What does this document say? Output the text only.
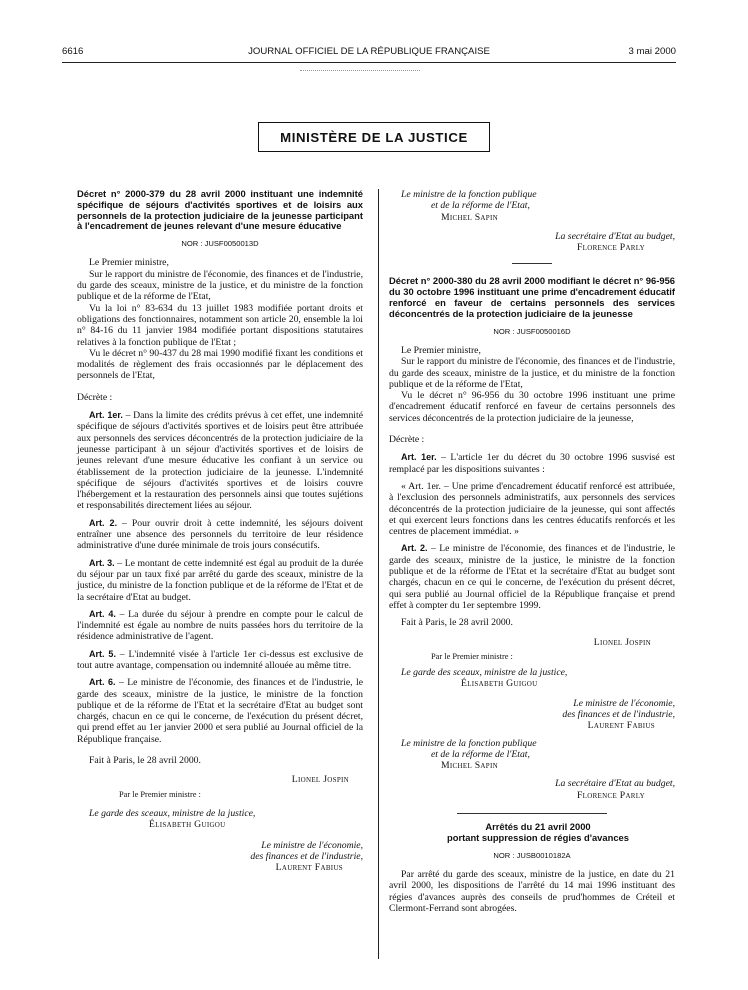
6616	JOURNAL OFFICIEL DE LA RÉPUBLIQUE FRANÇAISE	3 mai 2000
MINISTÈRE DE LA JUSTICE

Décret n° 2000-379 du 28 avril 2000 instituant une indemnité spécifique de séjours d'activités sportives et de loisirs aux personnels de la protection judiciaire de la jeunesse participant à l'encadrement de jeunes relevant d'une mesure éducative

NOR : JUSF0050013D

Le Premier ministre,

Sur le rapport du ministre de l'économie, des finances et de l'industrie, du garde des sceaux, ministre de la justice, et du ministre de la fonction publique et de la réforme de l'Etat,

Vu la loi n° 83-634 du 13 juillet 1983 modifiée portant droits et obligations des fonctionnaires, notamment son article 20, ensemble la loi n° 84-16 du 11 janvier 1984 modifiée portant dispositions statutaires relatives à la fonction publique de l'Etat ;

Vu le décret n° 90-437 du 28 mai 1990 modifié fixant les conditions et modalités de règlement des frais occasionnés par le déplacement des personnels de l'Etat,

Décrète :

Art. 1er. – Dans la limite des crédits prévus à cet effet, une indemnité spécifique de séjours d'activités sportives et de loisirs peut être attribuée aux personnels des services déconcentrés de la protection judiciaire de la jeunesse participant à un séjour d'activités sportives et de loisirs de jeunes relevant d'une mesure éducative les confiant à un service ou établissement de la protection judiciaire de la jeunesse. L'indemnité spécifique de séjours d'activités sportives et de loisirs couvre l'hébergement et la restauration des personnels ainsi que toutes sujétions et responsabilités directement liées au séjour.

Art. 2. – Pour ouvrir droit à cette indemnité, les séjours doivent entraîner une absence des personnels du territoire de leur résidence administrative d'une durée minimale de trois jours consécutifs.

Art. 3. – Le montant de cette indemnité est égal au produit de la durée du séjour par un taux fixé par arrêté du garde des sceaux, ministre de la justice, du ministre de la fonction publique et de la réforme de l'Etat et de la secrétaire d'Etat au budget.

Art. 4. – La durée du séjour à prendre en compte pour le calcul de l'indemnité est égale au nombre de nuits passées hors du territoire de la résidence administrative de l'agent.

Art. 5. – L'indemnité visée à l'article 1er ci-dessus est exclusive de tout autre avantage, compensation ou indemnité allouée au même titre.

Art. 6. – Le ministre de l'économie, des finances et de l'industrie, le garde des sceaux, ministre de la justice, le ministre de la fonction publique et de la réforme de l'Etat et la secrétaire d'Etat au budget sont chargés, chacun en ce qui le concerne, de l'exécution du présent décret, qui prend effet au 1er janvier 2000 et sera publié au Journal officiel de la République française.

Fait à Paris, le 28 avril 2000.

Lionel Jospin

Par le Premier ministre :

Le garde des sceaux, ministre de la justice,

Élisabeth Guigou

Le ministre de l'économie,

des finances et de l'industrie,

Laurent Fabius

Le ministre de la fonction publique

et de la réforme de l'Etat,

Michel Sapin

La secrétaire d'Etat au budget,

Florence Parly

Décret n° 2000-380 du 28 avril 2000 modifiant le décret n° 96-956 du 30 octobre 1996 instituant une prime d'encadrement éducatif renforcé en faveur de certains personnels des services déconcentrés de la protection judiciaire de la jeunesse

NOR : JUSF0050016D

Le Premier ministre,

Sur le rapport du ministre de l'économie, des finances et de l'industrie, du garde des sceaux, ministre de la justice, et du ministre de la fonction publique et de la réforme de l'Etat,

Vu le décret n° 96-956 du 30 octobre 1996 instituant une prime d'encadrement éducatif renforcé en faveur de certains personnels des services déconcentrés de la protection judiciaire de la jeunesse,

Décrète :

Art. 1er. – L'article 1er du décret du 30 octobre 1996 susvisé est remplacé par les dispositions suivantes :

« Art. 1er. – Une prime d'encadrement éducatif renforcé est attribuée, à l'exclusion des personnels administratifs, aux personnels des services déconcentrés de la protection judiciaire de la jeunesse, qui sont affectés et qui exercent leurs fonctions dans les centres éducatifs renforcés et les centres de placement immédiat. »

Art. 2. – Le ministre de l'économie, des finances et de l'industrie, le garde des sceaux, ministre de la justice, le ministre de la fonction publique et de la réforme de l'Etat et la secrétaire d'Etat au budget sont chargés, chacun en ce qui le concerne, de l'exécution du présent décret, qui sera publié au Journal officiel de la République française et prend effet à compter du 1er septembre 1999.

Fait à Paris, le 28 avril 2000.

Lionel Jospin

Par le Premier ministre :

Le garde des sceaux, ministre de la justice,

Élisabeth Guigou

Le ministre de l'économie,

des finances et de l'industrie,

Laurent Fabius

Le ministre de la fonction publique

et de la réforme de l'Etat,

Michel Sapin

La secrétaire d'Etat au budget,

Florence Parly

Arrêtés du 21 avril 2000

portant suppression de régies d'avances

NOR : JUSB0010182A

Par arrêté du garde des sceaux, ministre de la justice, en date du 21 avril 2000, les dispositions de l'arrêté du 14 mai 1996 instituant des régies d'avances auprès des conseils de prud'hommes de Créteil et Clermont-Ferrand sont abrogées.
